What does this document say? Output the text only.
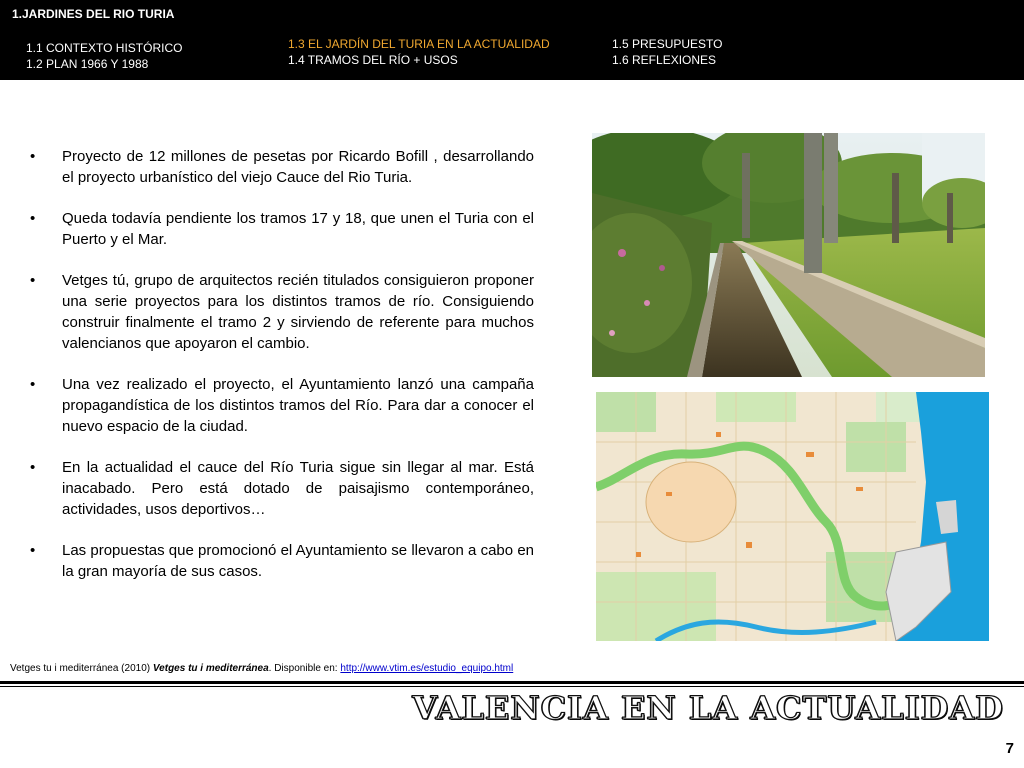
1.JARDINES DEL RIO TURIA
1.1 CONTEXTO HISTÓRICO
1.2 PLAN 1966 Y 1988
1.3 EL JARDÍN DEL TURIA EN LA ACTUALIDAD
1.4 TRAMOS DEL RÍO + USOS
1.5 PRESUPUESTO
1.6 REFLEXIONES
• Proyecto de 12 millones de pesetas por Ricardo Bofill , desarrollando el proyecto urbanístico del viejo Cauce del Rio Turia.
• Queda todavía pendiente los tramos 17 y 18, que unen el Turia con el Puerto y el Mar.
• Vetges tú, grupo de arquitectos recién titulados consiguieron proponer una serie proyectos para los distintos tramos de río. Consiguiendo construir finalmente el tramo 2 y sirviendo de referente para muchos valencianos que apoyaron el cambio.
• Una vez realizado el proyecto, el Ayuntamiento lanzó una campaña propagandística de los distintos tramos del Río. Para dar a conocer el nuevo espacio de la ciudad.
• En la actualidad el cauce del Río Turia sigue sin llegar al mar. Está inacabado. Pero está dotado de paisajismo contemporáneo, actividades, usos deportivos…
• Las propuestas que promocionó el Ayuntamiento se llevaron a cabo en la gran mayoría de sus casos.
Vetges tu i mediterránea (2010) Vetges tu i mediterránea. Disponible en: http://www.vtim.es/estudio_equipo.html
VALENCIA EN LA ACTUALIDAD
7
